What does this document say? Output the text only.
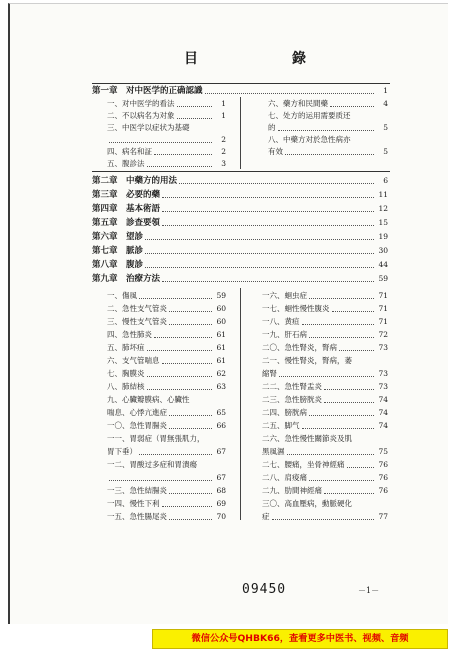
目　錄
第一章　对中医学的正确認識	1
一、对中医学的看法	1
二、不以病名为对象	1
三、中医学以症状为基礎
2
四、病名和証	2
五、腹診法	3
六、藥方和民間藥	4
七、处方的运用需要质还
的	5
八、中藥方对於急性病亦
有效	5
第二章　中藥方的用法	6
第三章　必要的藥	11
第四章　基本術語	12
第五章　診查要領	15
第六章　望診	19
第七章　脈診	30
第八章　腹診	44
第九章　治療方法	59
一、傷風	59
二、急性支气管炎	60
三、慢性支气管炎	60
四、急性肺炎	61
五、肺坏疽	61
六、支气管喘息	61
七、胸膜炎	62
八、肺結核	63
九、心臟瓣膜病、心臟性
喘息、心悸亢進症	65
一〇、急性胃腸炎	66
一一、胃弱症（胃無張肌力，
胃下垂）	67
一二、胃酸过多症和胃潰瘍
67
一三、急性結腸炎	68
一四、慢性下利	69
一五、急性腸尾炎	70
一六、蛔虫症	71
一七、蛔性慢性腹炎	71
一八、黄疸	71
一九、肝石病	72
二〇、急性腎炎，腎病	73
二一、慢性腎炎，腎病，萎
縮腎	73
二二、急性腎盂炎	73
二三、急性膀胱炎	74
二四、膀胱病	74
二五、脚气	74
二六、急性慢性關節炎及肌
黑風濕	75
二七、腰痛，坐骨神經痛	76
二八、肩痠痛	76
二九、肋間神經痛	76
三〇、高血壓病，動脈硬化
症	77
09450	－1－
微信公众号QHBK66，查看更多中医书、视频、音频
